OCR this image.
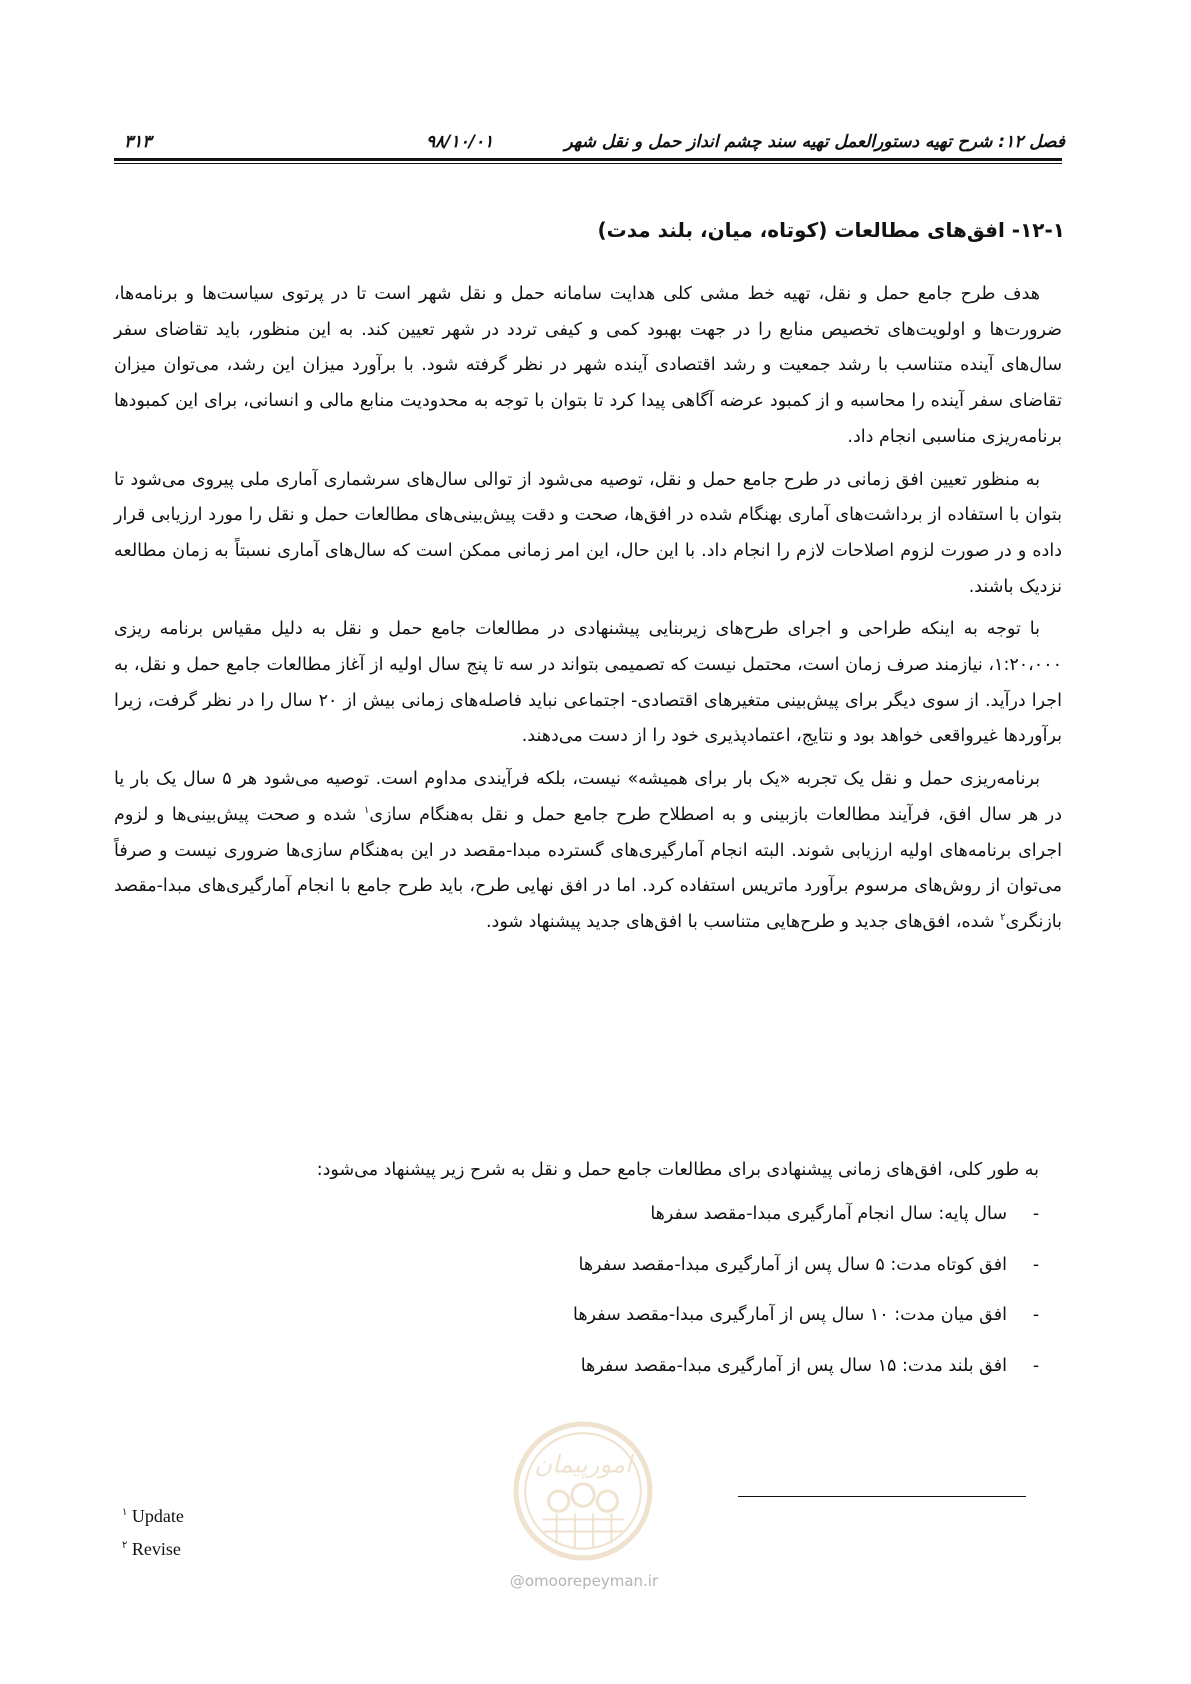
فصل ۱۲: شرح تهیه دستورالعمل تهیه سند چشم انداز حمل و نقل شهر
۹۸/۱۰/۰۱
۳۱۳
۱۲-۱- افق‌های مطالعات (کوتاه، میان، بلند مدت)

هدف طرح جامع حمل و نقل، تهیه خط مشی کلی هدایت سامانه حمل و نقل شهر است تا در پرتوی سیاست‌ها و برنامه‌ها، ضرورت‌ها و اولویت‌های تخصیص منابع را در جهت بهبود کمی و کیفی تردد در شهر تعیین کند. به این منظور، باید تقاضای سفر سال‌های آینده متناسب با رشد جمعیت و رشد اقتصادی آینده شهر در نظر گرفته شود. با برآورد میزان این رشد، می‌توان میزان تقاضای سفر آینده را محاسبه و از کمبود عرضه آگاهی پیدا کرد تا بتوان با توجه به محدودیت منابع مالی و انسانی، برای این کمبودها برنامه‌ریزی مناسبی انجام داد.

به منظور تعیین افق زمانی در طرح جامع حمل و نقل، توصیه می‌شود از توالی سال‌های سرشماری آماری ملی پیروی می‌شود تا بتوان با استفاده از برداشت‌های آماری بهنگام شده در افق‌ها، صحت و دقت پیش‌بینی‌های مطالعات حمل و نقل را مورد ارزیابی قرار داده و در صورت لزوم اصلاحات لازم را انجام داد. با این حال، این امر زمانی ممکن است که سال‌های آماری نسبتاً به زمان مطالعه نزدیک باشند.

با توجه به اینکه طراحی و اجرای طرح‌های زیربنایی پیشنهادی در مطالعات جامع حمل و نقل به دلیل مقیاس برنامه ریزی ۱:۲۰،۰۰۰، نیازمند صرف زمان است، محتمل نیست که تصمیمی بتواند در سه تا پنج سال اولیه از آغاز مطالعات جامع حمل و نقل، به اجرا درآید. از سوی دیگر برای پیش‌بینی متغیرهای اقتصادی- اجتماعی نباید فاصله‌های زمانی بیش از ۲۰ سال را در نظر گرفت، زیرا برآوردها غیرواقعی خواهد بود و نتایج، اعتمادپذیری خود را از دست می‌دهند.

برنامه‌ریزی حمل و نقل یک تجربه «یک بار برای همیشه» نیست، بلکه فرآیندی مداوم است. توصیه می‌شود هر ۵ سال یک بار یا در هر سال افق، فرآیند مطالعات بازبینی و به اصطلاح طرح جامع حمل و نقل به‌هنگام سازی$^۱$ شده و صحت پیش‌بینی‌ها و لزوم اجرای برنامه‌های اولیه ارزیابی شوند. البته انجام آمارگیری‌های گسترده مبدا-مقصد در این به‌هنگام سازی‌ها ضروری نیست و صرفاً می‌توان از روش‌های مرسوم برآورد ماتریس استفاده کرد. اما در افق نهایی طرح، باید طرح جامع با انجام آمارگیری‌های مبدا-مقصد بازنگری$^۲$ شده، افق‌های جدید و طرح‌هایی متناسب با افق‌های جدید پیشنهاد شود.

به طور کلی، افق‌های زمانی پیشنهادی برای مطالعات جامع حمل و نقل به شرح زیر پیشنهاد می‌شود:
-سال پایه: سال انجام آمارگیری مبدا-مقصد سفرها
-افق کوتاه مدت: ۵ سال پس از آمارگیری مبدا-مقصد سفرها
-افق میان مدت: ۱۰ سال پس از آمارگیری مبدا-مقصد سفرها
-افق بلند مدت: ۱۵ سال پس از آمارگیری مبدا-مقصد سفرها
امورپیمان
@omoorepeyman.ir
$^۱$ Update
$^۲$ Revise
